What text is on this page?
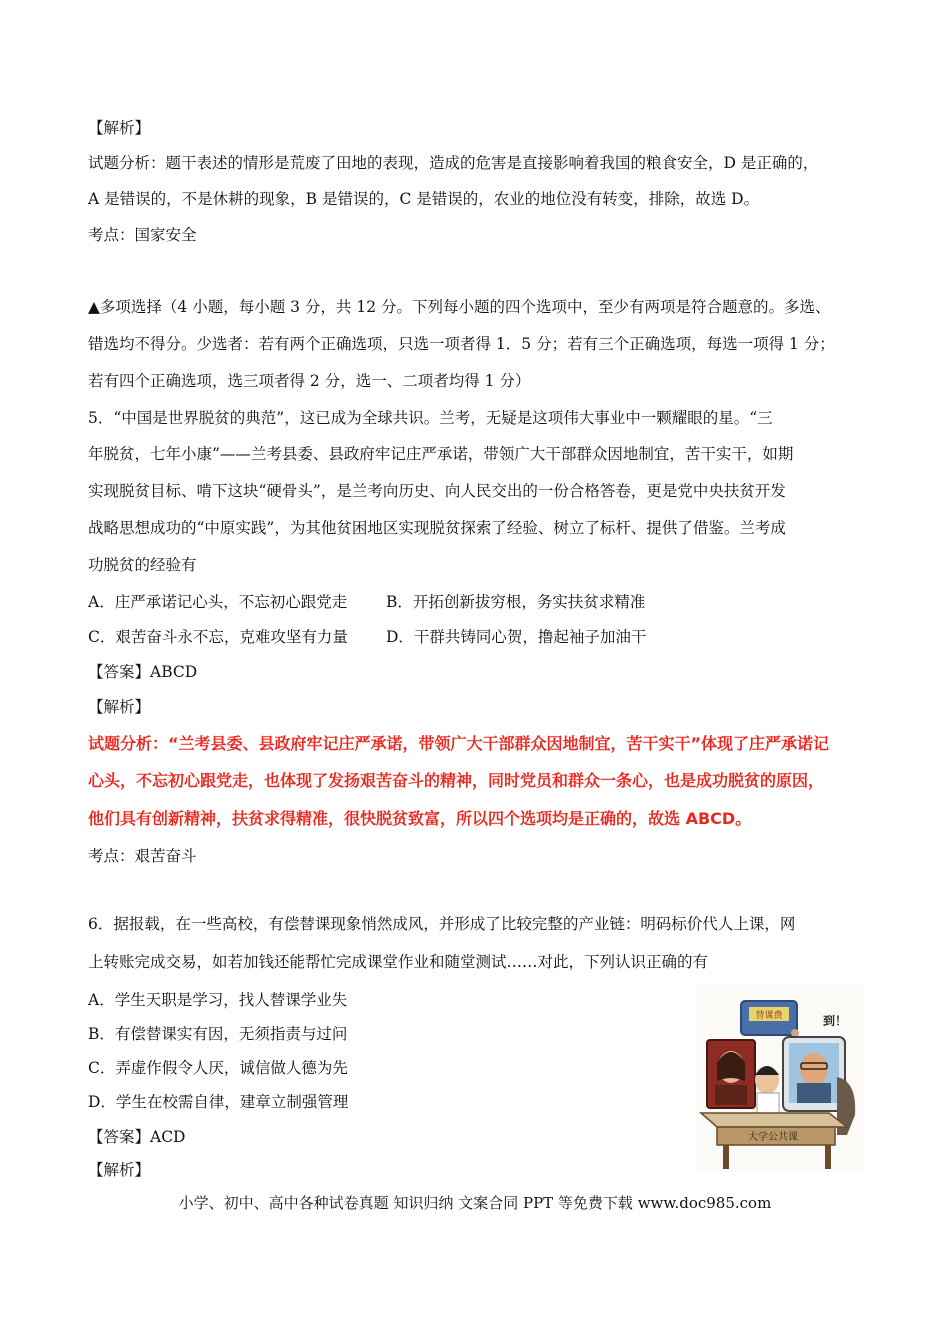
【解析】
试题分析：题干表述的情形是荒废了田地的表现，造成的危害是直接影响着我国的粮食安全，D 是正确的，
A 是错误的，不是休耕的现象，B 是错误的，C 是错误的，农业的地位没有转变，排除，故选 D。
考点：国家安全
▲多项选择（4 小题，每小题 3 分，共 12 分。下列每小题的四个选项中，至少有两项是符合题意的。多选、
错选均不得分。少选者：若有两个正确选项，只选一项者得 1．5 分；若有三个正确选项，每选一项得 1 分；
若有四个正确选项，选三项者得 2 分，选一、二项者均得 1 分）
5．“中国是世界脱贫的典范”，这已成为全球共识。兰考，无疑是这项伟大事业中一颗耀眼的星。“三
年脱贫，七年小康”——兰考县委、县政府牢记庄严承诺，带领广大干部群众因地制宜，苦干实干，如期
实现脱贫目标、啃下这块“硬骨头”，是兰考向历史、向人民交出的一份合格答卷，更是党中央扶贫开发
战略思想成功的“中原实践”，为其他贫困地区实现脱贫探索了经验、树立了标杆、提供了借鉴。兰考成
功脱贫的经验有
A．庄严承诺记心头，不忘初心跟党走	B．开拓创新拔穷根，务实扶贫求精准
C．艰苦奋斗永不忘，克难攻坚有力量 D．干群共铸同心贺，撸起袖子加油干
【答案】ABCD
【解析】
试题分析：“兰考县委、县政府牢记庄严承诺，带领广大干部群众因地制宜，苦干实干”体现了庄严承诺记
心头，不忘初心跟党走，也体现了发扬艰苦奋斗的精神，同时党员和群众一条心，也是成功脱贫的原因，
他们具有创新精神，扶贫求得精准，很快脱贫致富，所以四个选项均是正确的，故选 ABCD。
考点：艰苦奋斗
6．据报载，在一些高校，有偿替课现象悄然成风，并形成了比较完整的产业链：明码标价代人上课，网
上转账完成交易，如若加钱还能帮忙完成课堂作业和随堂测试……对此，下列认识正确的有
A．学生天职是学习，找人替课学业失
B．有偿替课实有因，无须指责与过问
C．弄虚作假令人厌，诚信做人德为先
D．学生在校需自律，建章立制强管理
【答案】ACD
【解析】
替课费	到！
大学公共课
小学、初中、高中各种试卷真题 知识归纳 文案合同 PPT 等免费下载 www.doc985.com
